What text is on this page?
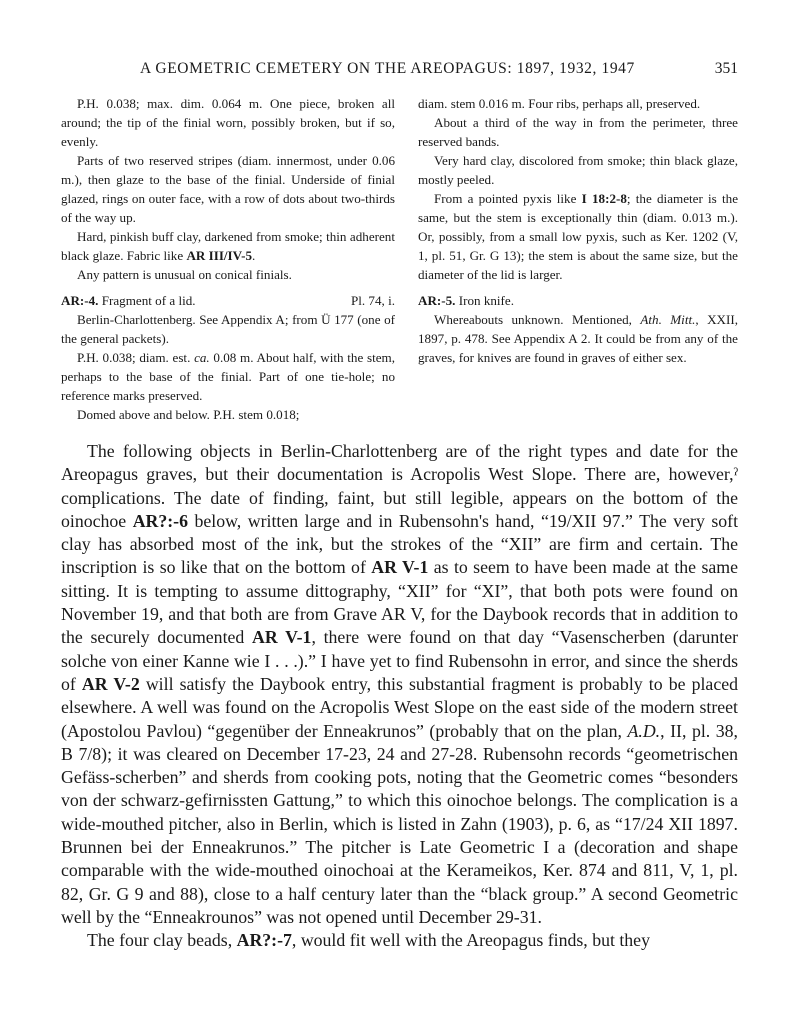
A GEOMETRIC CEMETERY ON THE AREOPAGUS: 1897, 1932, 1947	351

P.H. 0.038; max. dim. 0.064 m. One piece, broken all around; the tip of the finial worn, possibly broken, but if so, evenly.

Parts of two reserved stripes (diam. innermost, under 0.06 m.), then glaze to the base of the finial. Underside of finial glazed, rings on outer face, with a row of dots about two-thirds of the way up.

Hard, pinkish buff clay, darkened from smoke; thin adherent black glaze. Fabric like AR III/IV-5.

Any pattern is unusual on conical finials.

AR:-4. Fragment of a lid.	Pl. 74, i.

Berlin-Charlottenberg. See Appendix A; from Ü 177 (one of the general packets).

P.H. 0.038; diam. est. ca. 0.08 m. About half, with the stem, perhaps to the base of the finial. Part of one tie-hole; no reference marks preserved.

Domed above and below. P.H. stem 0.018;

diam. stem 0.016 m. Four ribs, perhaps all, preserved.

About a third of the way in from the perimeter, three reserved bands.

Very hard clay, discolored from smoke; thin black glaze, mostly peeled.

From a pointed pyxis like I 18:2-8; the diameter is the same, but the stem is exceptionally thin (diam. 0.013 m.). Or, possibly, from a small low pyxis, such as Ker. 1202 (V, 1, pl. 51, Gr. G 13); the stem is about the same size, but the diameter of the lid is larger.

AR:-5. Iron knife.

Whereabouts unknown. Mentioned, Ath. Mitt., XXII, 1897, p. 478. See Appendix A 2. It could be from any of the graves, for knives are found in graves of either sex.

The following objects in Berlin-Charlottenberg are of the right types and date for the Areopagus graves, but their documentation is Acropolis West Slope. There are, however,ˀ complications. The date of finding, faint, but still legible, appears on the bottom of the oinochoe AR?:-6 below, written large and in Rubensohn's hand, “19/XII 97.” The very soft clay has absorbed most of the ink, but the strokes of the “XII” are firm and certain. The inscription is so like that on the bottom of AR V-1 as to seem to have been made at the same sitting. It is tempting to assume dittography, “XII” for “XI”, that both pots were found on November 19, and that both are from Grave AR V, for the Daybook records that in addition to the securely documented AR V-1, there were found on that day “Vasenscherben (darunter solche von einer Kanne wie I . . .).” I have yet to find Rubensohn in error, and since the sherds of AR V-2 will satisfy the Daybook entry, this substantial fragment is probably to be placed elsewhere. A well was found on the Acropolis West Slope on the east side of the modern street (Apostolou Pavlou) “gegenüber der Enneakrunos” (probably that on the plan, A.D., II, pl. 38, B 7/8); it was cleared on December 17-23, 24 and 27-28. Rubensohn records “geometrischen Gefäss-scherben” and sherds from cooking pots, noting that the Geometric comes “besonders von der schwarz-gefirnissten Gattung,” to which this oinochoe belongs. The complication is a wide-mouthed pitcher, also in Berlin, which is listed in Zahn (1903), p. 6, as “17/24 XII 1897. Brunnen bei der Enneakrunos.” The pitcher is Late Geometric I a (decoration and shape comparable with the wide-mouthed oinochoai at the Kerameikos, Ker. 874 and 811, V, 1, pl. 82, Gr. G 9 and 88), close to a half century later than the “black group.” A second Geometric well by the “Enneakrounos” was not opened until December 29-31.

The four clay beads, AR?:-7, would fit well with the Areopagus finds, but they
